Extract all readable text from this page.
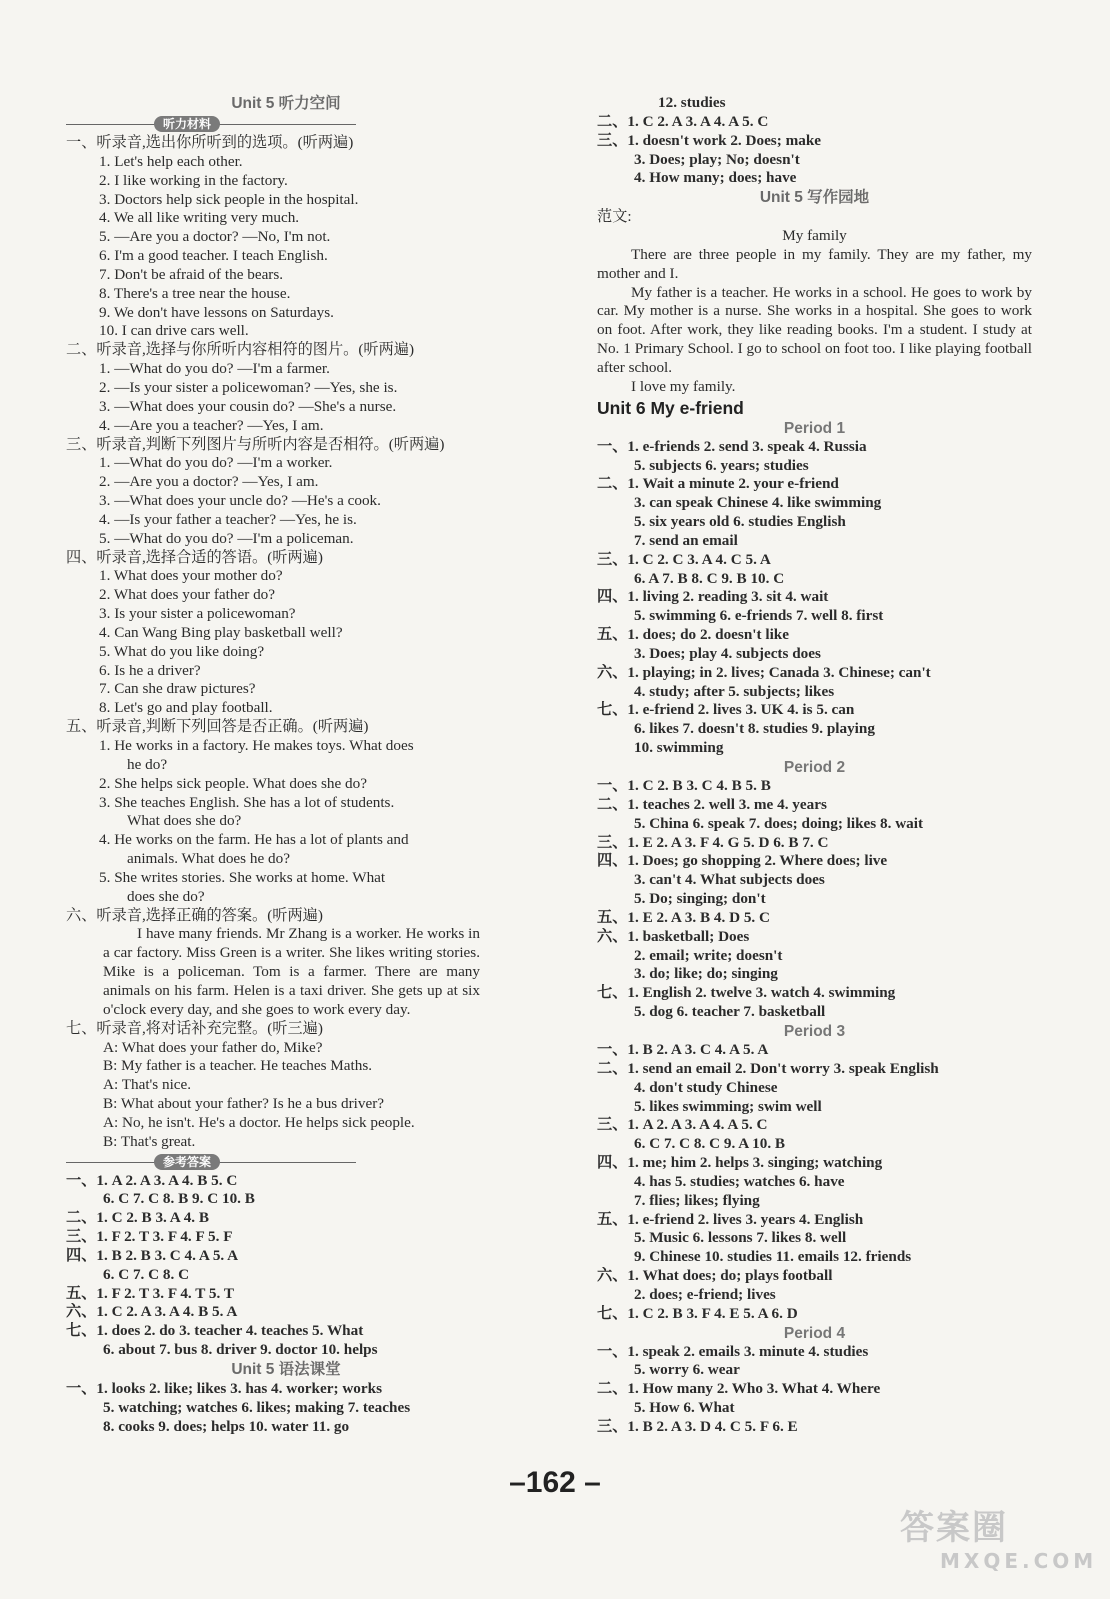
Unit 5 听力空间
听力材料
一、听录音,选出你所听到的选项。(听两遍)
1. Let's help each other.
2. I like working in the factory.
3. Doctors help sick people in the hospital.
4. We all like writing very much.
5. —Are you a doctor? —No, I'm not.
6. I'm a good teacher. I teach English.
7. Don't be afraid of the bears.
8. There's a tree near the house.
9. We don't have lessons on Saturdays.
10. I can drive cars well.
二、听录音,选择与你所听内容相符的图片。(听两遍)
1. —What do you do? —I'm a farmer.
2. —Is your sister a policewoman? —Yes, she is.
3. —What does your cousin do? —She's a nurse.
4. —Are you a teacher? —Yes, I am.
三、听录音,判断下列图片与所听内容是否相符。(听两遍)
1. —What do you do? —I'm a worker.
2. —Are you a doctor? —Yes, I am.
3. —What does your uncle do? —He's a cook.
4. —Is your father a teacher? —Yes, he is.
5. —What do you do? —I'm a policeman.
四、听录音,选择合适的答语。(听两遍)
1. What does your mother do?
2. What does your father do?
3. Is your sister a policewoman?
4. Can Wang Bing play basketball well?
5. What do you like doing?
6. Is he a driver?
7. Can she draw pictures?
8. Let's go and play football.
五、听录音,判断下列回答是否正确。(听两遍)
1. He works in a factory. He makes toys. What does
he do?
2. She helps sick people. What does she do?
3. She teaches English. She has a lot of students.
What does she do?
4. He works on the farm. He has a lot of plants and
animals. What does he do?
5. She writes stories. She works at home. What
does she do?
六、听录音,选择正确的答案。(听两遍)
I have many friends. Mr Zhang is a worker. He works in a car factory. Miss Green is a writer. She likes writing stories. Mike is a policeman. Tom is a farmer. There are many animals on his farm. Helen is a taxi driver. She gets up at six o'clock every day, and she goes to work every day.
七、听录音,将对话补充完整。(听三遍)
A: What does your father do, Mike?
B: My father is a teacher. He teaches Maths.
A: That's nice.
B: What about your father? Is he a bus driver?
A: No, he isn't. He's a doctor. He helps sick people.
B: That's great.
参考答案
一、1. A 2. A 3. A 4. B 5. C
6. C 7. C 8. B 9. C 10. B
二、1. C 2. B 3. A 4. B
三、1. F 2. T 3. F 4. F 5. F
四、1. B 2. B 3. C 4. A 5. A
6. C 7. C 8. C
五、1. F 2. T 3. F 4. T 5. T
六、1. C 2. A 3. A 4. B 5. A
七、1. does 2. do 3. teacher 4. teaches 5. What
6. about 7. bus 8. driver 9. doctor 10. helps
Unit 5 语法课堂
一、1. looks 2. like; likes 3. has 4. worker; works
5. watching; watches 6. likes; making 7. teaches
8. cooks 9. does; helps 10. water 11. go
12. studies
二、1. C 2. A 3. A 4. A 5. C
三、1. doesn't work 2. Does; make
3. Does; play; No; doesn't
4. How many; does; have
Unit 5 写作园地
范文:
My family
There are three people in my family. They are my father, my mother and I.
My father is a teacher. He works in a school. He goes to work by car. My mother is a nurse. She works in a hospital. She goes to work on foot. After work, they like reading books. I'm a student. I study at No. 1 Primary School. I go to school on foot too. I like playing football after school.
I love my family.
Unit 6 My e-friend
Period 1
一、1. e-friends 2. send 3. speak 4. Russia
5. subjects 6. years; studies
二、1. Wait a minute 2. your e-friend
3. can speak Chinese 4. like swimming
5. six years old 6. studies English
7. send an email
三、1. C 2. C 3. A 4. C 5. A
6. A 7. B 8. C 9. B 10. C
四、1. living 2. reading 3. sit 4. wait
5. swimming 6. e-friends 7. well 8. first
五、1. does; do 2. doesn't like
3. Does; play 4. subjects does
六、1. playing; in 2. lives; Canada 3. Chinese; can't
4. study; after 5. subjects; likes
七、1. e-friend 2. lives 3. UK 4. is 5. can
6. likes 7. doesn't 8. studies 9. playing
10. swimming
Period 2
一、1. C 2. B 3. C 4. B 5. B
二、1. teaches 2. well 3. me 4. years
5. China 6. speak 7. does; doing; likes 8. wait
三、1. E 2. A 3. F 4. G 5. D 6. B 7. C
四、1. Does; go shopping 2. Where does; live
3. can't 4. What subjects does
5. Do; singing; don't
五、1. E 2. A 3. B 4. D 5. C
六、1. basketball; Does
2. email; write; doesn't
3. do; like; do; singing
七、1. English 2. twelve 3. watch 4. swimming
5. dog 6. teacher 7. basketball
Period 3
一、1. B 2. A 3. C 4. A 5. A
二、1. send an email 2. Don't worry 3. speak English
4. don't study Chinese
5. likes swimming; swim well
三、1. A 2. A 3. A 4. A 5. C
6. C 7. C 8. C 9. A 10. B
四、1. me; him 2. helps 3. singing; watching
4. has 5. studies; watches 6. have
7. flies; likes; flying
五、1. e-friend 2. lives 3. years 4. English
5. Music 6. lessons 7. likes 8. well
9. Chinese 10. studies 11. emails 12. friends
六、1. What does; do; plays football
2. does; e-friend; lives
七、1. C 2. B 3. F 4. E 5. A 6. D
Period 4
一、1. speak 2. emails 3. minute 4. studies
5. worry 6. wear
二、1. How many 2. Who 3. What 4. Where
5. How 6. What
三、1. B 2. A 3. D 4. C 5. F 6. E
–162 –
答案圈
MXQE.COM
